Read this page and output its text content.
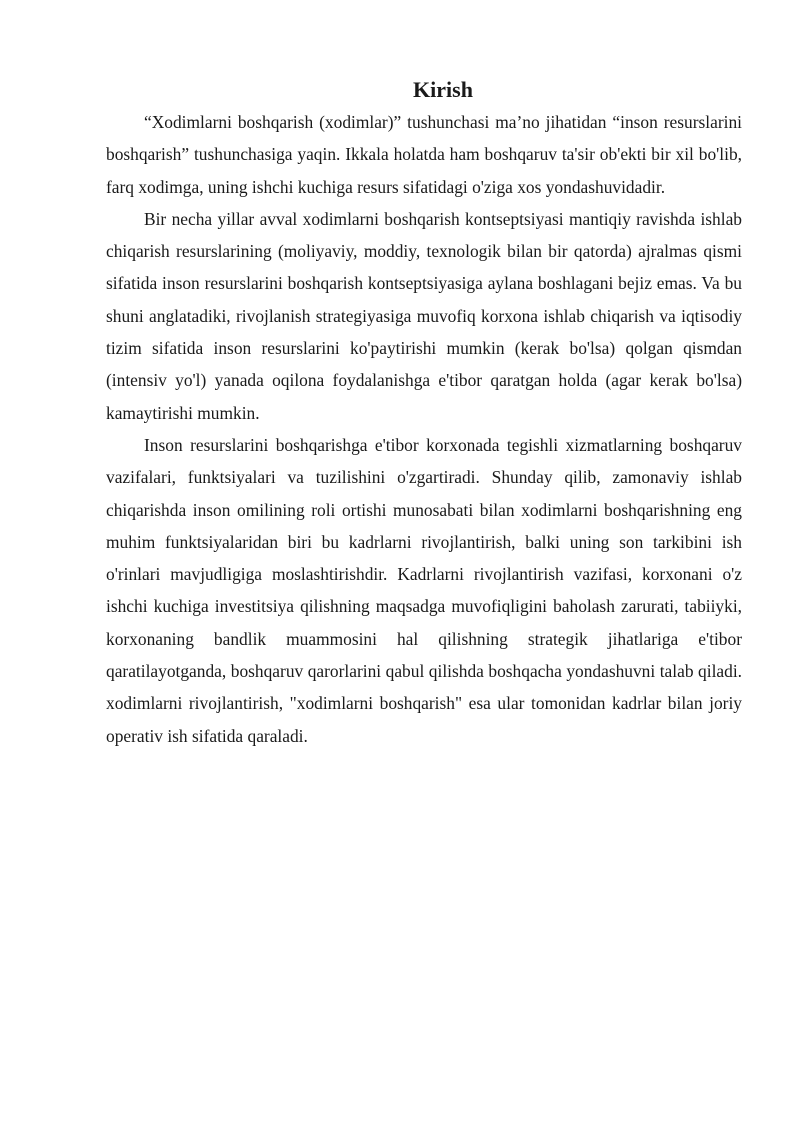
Kirish

“Xodimlarni boshqarish (xodimlar)” tushunchasi ma’no jihatidan “inson resurslarini boshqarish” tushunchasiga yaqin. Ikkala holatda ham boshqaruv ta'sir ob'ekti bir xil bo'lib, farq xodimga, uning ishchi kuchiga resurs sifatidagi o'ziga xos yondashuvidadir.

Bir necha yillar avval xodimlarni boshqarish kontseptsiyasi mantiqiy ravishda ishlab chiqarish resurslarining (moliyaviy, moddiy, texnologik bilan bir qatorda) ajralmas qismi sifatida inson resurslarini boshqarish kontseptsiyasiga aylana boshlagani bejiz emas. Va bu shuni anglatadiki, rivojlanish strategiyasiga muvofiq korxona ishlab chiqarish va iqtisodiy tizim sifatida inson resurslarini ko'paytirishi mumkin (kerak bo'lsa) qolgan qismdan (intensiv yo'l) yanada oqilona foydalanishga e'tibor qaratgan holda (agar kerak bo'lsa) kamaytirishi mumkin.

Inson resurslarini boshqarishga e'tibor korxonada tegishli xizmatlarning boshqaruv vazifalari, funktsiyalari va tuzilishini o'zgartiradi. Shunday qilib, zamonaviy ishlab chiqarishda inson omilining roli ortishi munosabati bilan xodimlarni boshqarishning eng muhim funktsiyalaridan biri bu kadrlarni rivojlantirish, balki uning son tarkibini ish o'rinlari mavjudligiga moslashtirishdir. Kadrlarni rivojlantirish vazifasi, korxonani o'z ishchi kuchiga investitsiya qilishning maqsadga muvofiqligini baholash zarurati, tabiiyki, korxonaning bandlik muammosini hal qilishning strategik jihatlariga e'tibor qaratilayotganda, boshqaruv qarorlarini qabul qilishda boshqacha yondashuvni talab qiladi. xodimlarni rivojlantirish, "xodimlarni boshqarish" esa ular tomonidan kadrlar bilan joriy operativ ish sifatida qaraladi.
